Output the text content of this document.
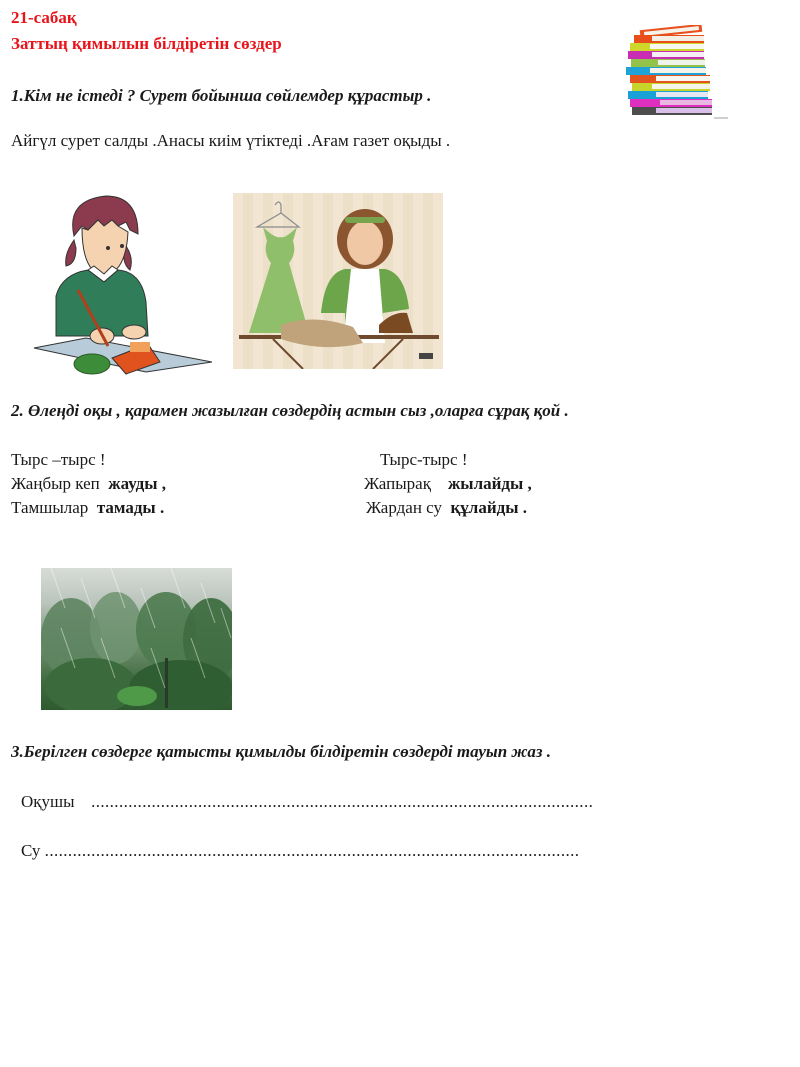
21-сабақ
Заттың қимылын білдіретін сөздер
1.Кім не істеді ? Сурет бойынша сөйлемдер құрастыр .
Айгүл сурет салды .Анасы киім үтіктеді .Ағам газет оқыды .
2. Өлеңді оқы , қарамен жазылған сөздердің астын сыз ,оларға сұрақ қой .
Тырс –тырс !
Жаңбыр кеп  жауды ,
Тамшылар  тамады .
Тырс-тырс !
Жапырақ    жылайды ,
Жардан су  құлайды .
3.Берілген сөздерге қатысты қимылды білдіретін сөздерді тауып жаз .
Оқушы ............................................................................................................
Су ...................................................................................................................
